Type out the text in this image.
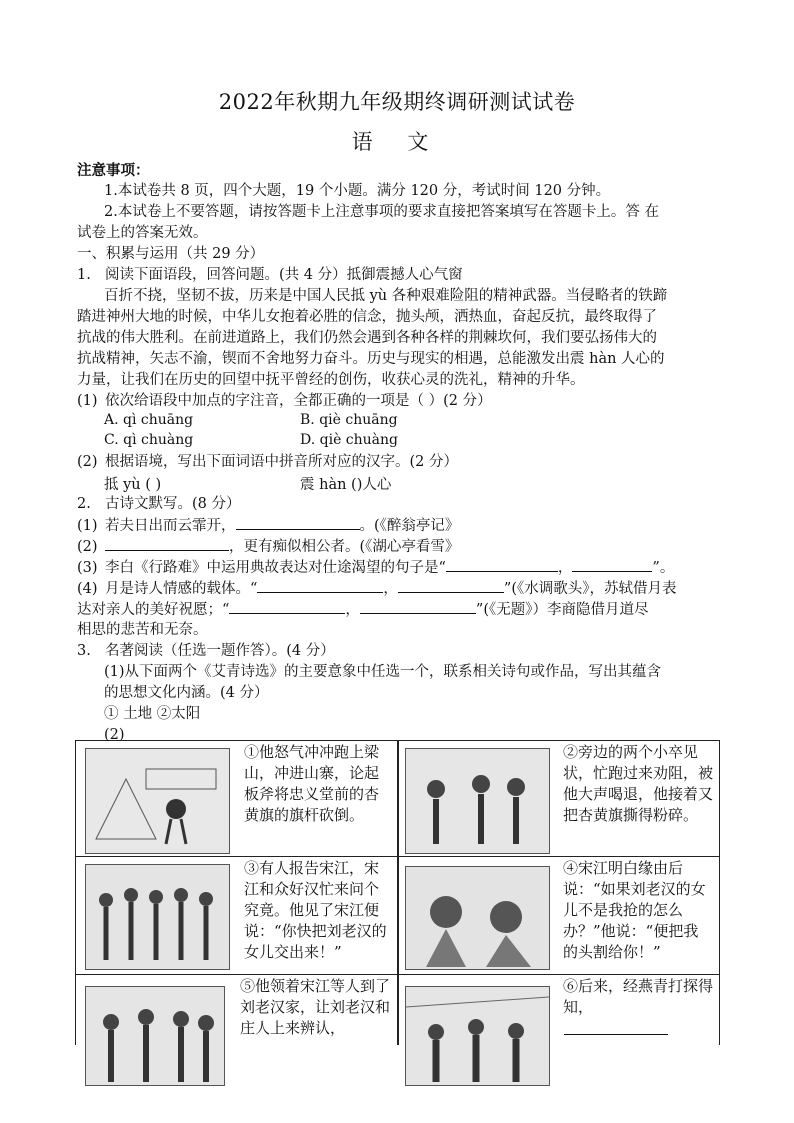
2022年秋期九年级期终调研测试试卷
语 文
注意事项：
1.本试卷共 8 页，四个大题，19 个小题。满分 120 分，考试时间 120 分钟。
2.本试卷上不要答题，请按答题卡上注意事项的要求直接把答案填写在答题卡上。答 在
试卷上的答案无效。
一、积累与运用（共 29 分）
1. 阅读下面语段，回答问题。(共 4 分）抵御震撼人心气窗
百折不挠，坚韧不拔，历来是中国人民抵 yù 各种艰难险阻的精神武器。当侵略者的铁蹄
踏进神州大地的时候，中华儿女抱着必胜的信念，抛头颅，洒热血，奋起反抗，最终取得了
抗战的伟大胜利。在前进道路上，我们仍然会遇到各种各样的荆棘坎何，我们要弘扬伟大的
抗战精神，矢志不渝，锲而不舍地努力奋斗。历史与现实的相遇，总能激发出震 hàn 人心的
力量，让我们在历史的回望中抚平曾经的创伤，收获心灵的洗礼，精神的升华。
(1) 依次给语段中加点的字注音，全都正确的一项是（ ）(2 分）
A. qì chuāng	B. qiè chuāng
C. qì chuàng	D. qiè chuàng
(2) 根据语境，写出下面词语中拼音所对应的汉字。(2 分）
抵 yù ( )	震 hàn ()人心
2. 古诗文默写。(8 分）
(1) 若夫日出而云霏开，	。(《醉翁亭记》
(2)	，更有痴似相公者。(《湖心亭看雪》
(3) 李白《行路难》中运用典故表达对仕途渴望的句子是“	，	”。
(4) 月是诗人情感的载体。“	，	”(《水调歌头》，苏轼借月表
达对亲人的美好祝愿；“	，	”(《无题》）李商隐借月道尽
相思的悲苦和无奈。
3. 名著阅读（任选一题作答）。(4 分）
(1)从下面两个《艾青诗选》的主要意象中任选一个，联系相关诗句或作品，写出其蕴含
的思想文化内涵。(4 分）
① 土地 ②太阳
(2)
①他怒气冲冲跑上梁山，冲进山寨，论起板斧将忠义堂前的杏黄旗的旗杆砍倒。
②旁边的两个小卒见状，忙跑过来劝阻，被他大声喝退，他接着又把杏黄旗撕得粉碎。
③有人报告宋江，宋江和众好汉忙来问个究竟。他见了宋江便说：“你快把刘老汉的女儿交出来！”
④宋江明白缘由后说：“如果刘老汉的女儿不是我抢的怎么办？”他说：“便把我的头割给你！”
⑤他领着宋江等人到了刘老汉家，让刘老汉和庄人上来辨认，
⑥后来，经燕青打探得知，
